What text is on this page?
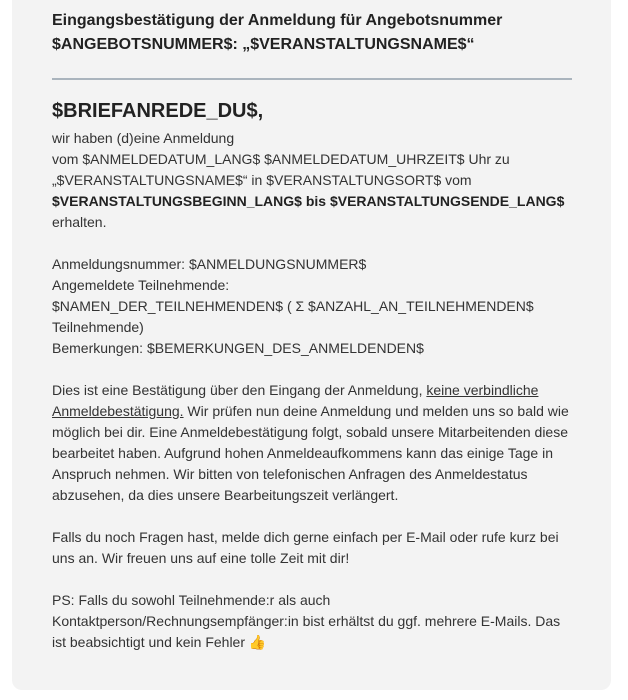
Eingangsbestätigung der Anmeldung für Angebotsnummer
$ANGEBOTSNUMMER$: „$VERANSTALTUNGSNAME$“
$BRIEFANREDE_DU$,

wir haben (d)eine Anmeldung
vom $ANMELDEDATUM_LANG$ $ANMELDEDATUM_UHRZEIT$ Uhr zu
„$VERANSTALTUNGSNAME$“ in $VERANSTALTUNGSORT$ vom
$VERANSTALTUNGSBEGINN_LANG$ bis $VERANSTALTUNGSENDE_LANG$
erhalten.

Anmeldungsnummer: $ANMELDUNGSNUMMER$
Angemeldete Teilnehmende:
$NAMEN_DER_TEILNEHMENDEN$ ( Σ $ANZAHL_AN_TEILNEHMENDEN$
Teilnehmende)
Bemerkungen: $BEMERKUNGEN_DES_ANMELDENDEN$

Dies ist eine Bestätigung über den Eingang der Anmeldung, keine verbindliche Anmeldebestätigung. Wir prüfen nun deine Anmeldung und melden uns so bald wie möglich bei dir. Eine Anmeldebestätigung folgt, sobald unsere Mitarbeitenden diese bearbeitet haben. Aufgrund hohen Anmeldeaufkommens kann das einige Tage in Anspruch nehmen. Wir bitten von telefonischen Anfragen des Anmeldestatus abzusehen, da dies unsere Bearbeitungszeit verlängert.

Falls du noch Fragen hast, melde dich gerne einfach per E-Mail oder rufe kurz bei uns an. Wir freuen uns auf eine tolle Zeit mit dir!

PS: Falls du sowohl Teilnehmende:r als auch
Kontaktperson/Rechnungsempfänger:in bist erhältst du ggf. mehrere E-Mails. Das ist beabsichtigt und kein Fehler 👍
